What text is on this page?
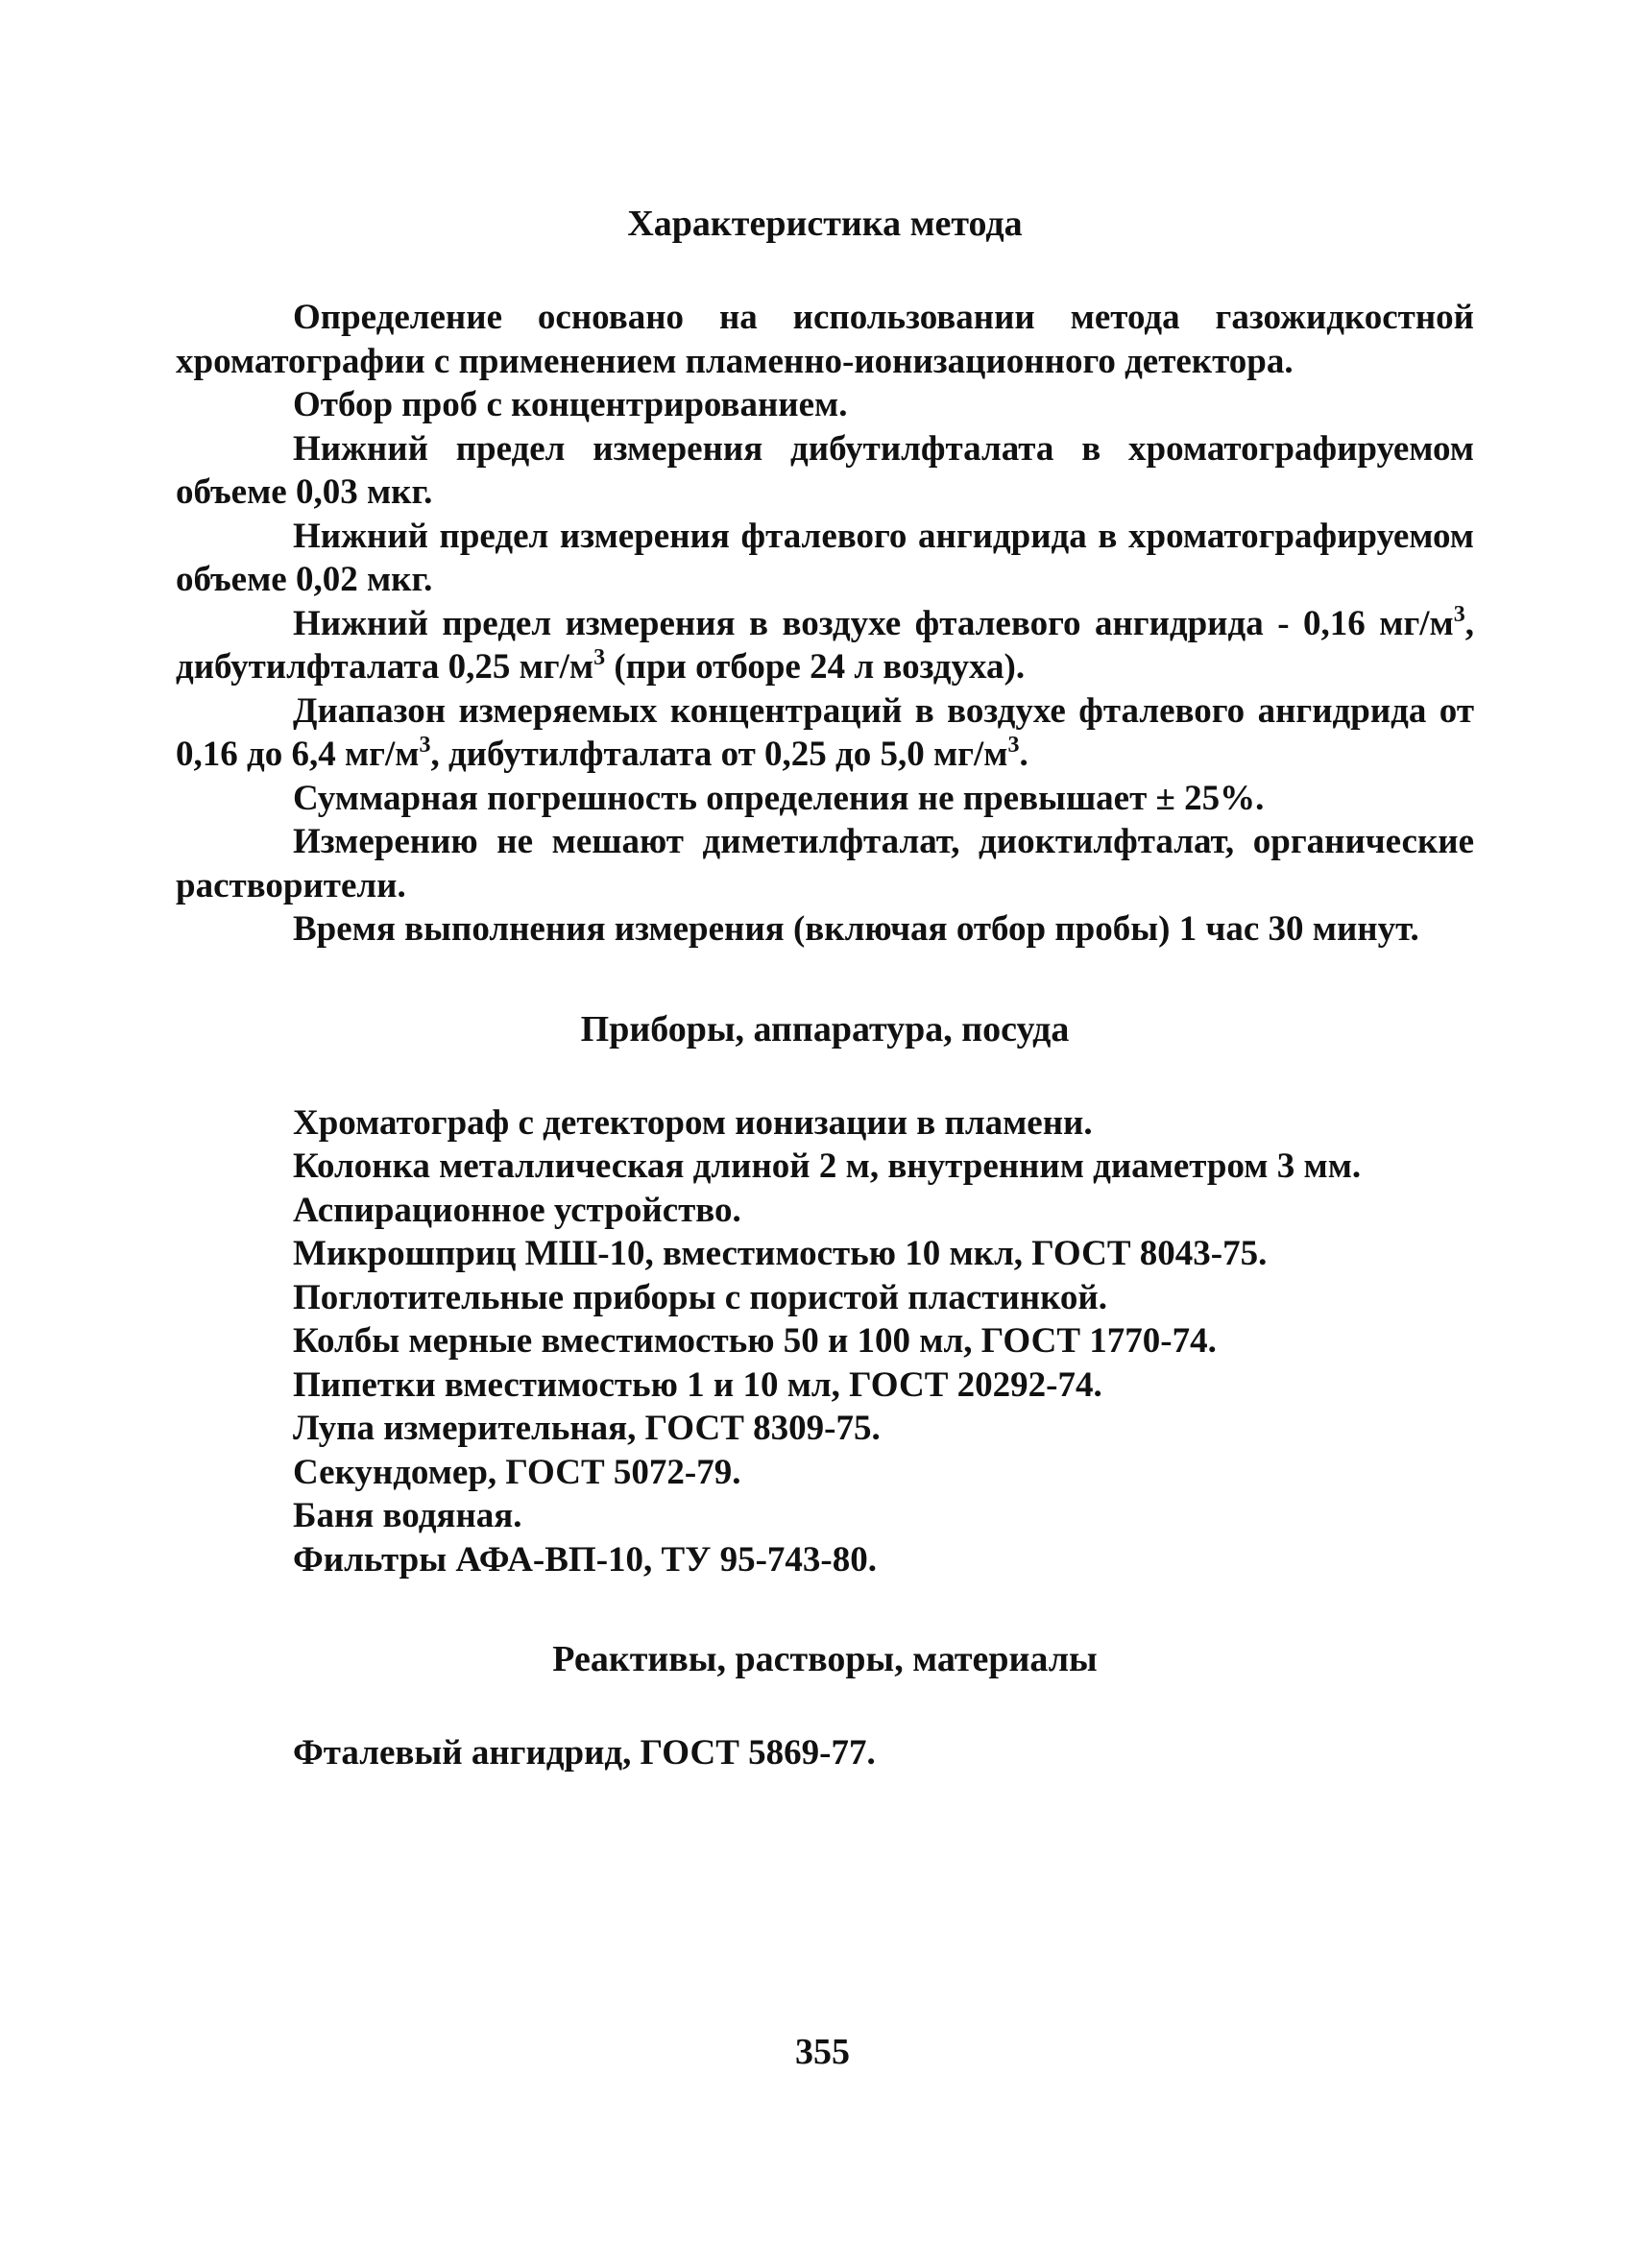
Характеристика метода

Определение основано на использовании метода газожидкостной хроматографии с применением пламенно-ионизационного детектора.

Отбор проб с концентрированием.

Нижний предел измерения дибутилфталата в хроматографируемом объеме 0,03 мкг.

Нижний предел измерения фталевого ангидрида в хроматографируемом объеме 0,02 мкг.

Нижний предел измерения в воздухе фталевого ангидрида - 0,16 $мг/м^3$, дибутилфталата 0,25 $мг/м^3$ (при отборе 24 л воздуха).

Диапазон измеряемых концентраций в воздухе фталевого ангидрида от 0,16 до 6,4 $мг/м^3$, дибутилфталата от 0,25 до 5,0 $мг/м^3$.

Суммарная погрешность определения не превышает ± 25%.

Измерению не мешают диметилфталат, диоктилфталат, органические растворители.

Время выполнения измерения (включая отбор пробы) 1 час 30 минут.

Приборы, аппаратура, посуда

Хроматограф с детектором ионизации в пламени.

Колонка металлическая длиной 2 м, внутренним диаметром 3 мм.

Аспирационное устройство.

Микрошприц МШ-10, вместимостью 10 мкл, ГОСТ 8043-75.

Поглотительные приборы с пористой пластинкой.

Колбы мерные вместимостью 50 и 100 мл, ГОСТ 1770-74.

Пипетки вместимостью 1 и 10 мл, ГОСТ 20292-74.

Лупа измерительная, ГОСТ 8309-75.

Секундомер, ГОСТ 5072-79.

Баня водяная.

Фильтры АФА-ВП-10, ТУ 95-743-80.

Реактивы, растворы, материалы

Фталевый ангидрид, ГОСТ 5869-77.

355
